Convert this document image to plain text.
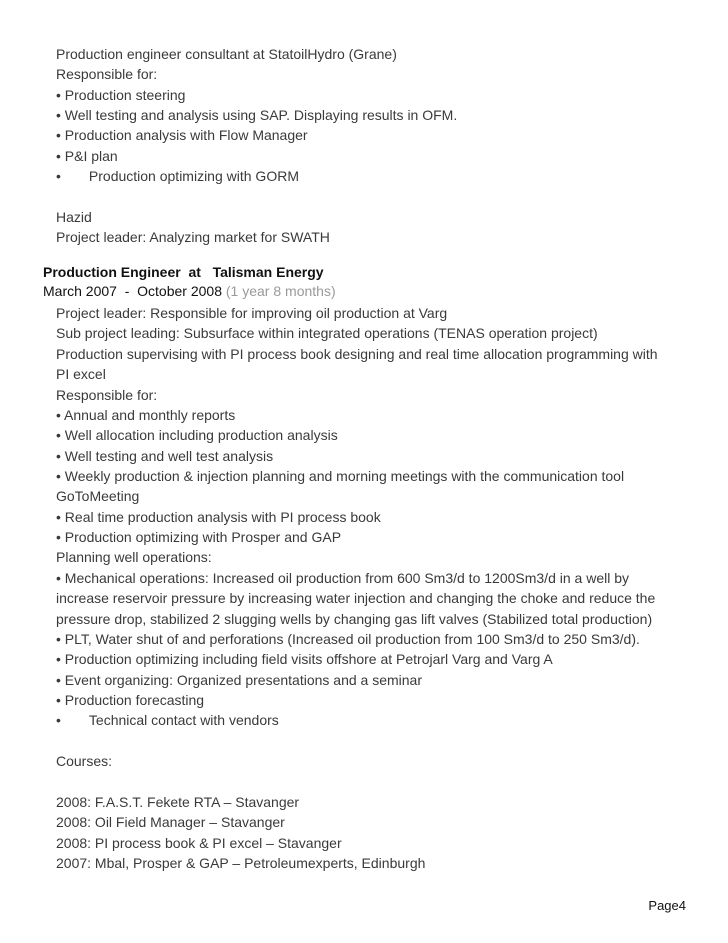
Production engineer consultant at StatoilHydro (Grane)
Responsible for:
• Production steering
• Well testing and analysis using SAP. Displaying results in OFM.
• Production analysis with Flow Manager
• P&I plan
• Production optimizing with GORM
Hazid
Project leader: Analyzing market for SWATH
Production Engineer  at   Talisman Energy
March 2007  -  October 2008 (1 year 8 months)
Project leader: Responsible for improving oil production at Varg
Sub project leading: Subsurface within integrated operations (TENAS operation project)
Production supervising with PI process book designing and real time allocation programming with
PI excel
Responsible for:
• Annual and monthly reports
• Well allocation including production analysis
• Well testing and well test analysis
• Weekly production & injection planning and morning meetings with the communication tool
GoToMeeting
• Real time production analysis with PI process book
• Production optimizing with Prosper and GAP
Planning well operations:
• Mechanical operations: Increased oil production from 600 Sm3/d to 1200Sm3/d in a well by
increase reservoir pressure by increasing water injection and changing the choke and reduce the
pressure drop, stabilized 2 slugging wells by changing gas lift valves (Stabilized total production)
• PLT, Water shut of and perforations (Increased oil production from 100 Sm3/d to 250 Sm3/d).
• Production optimizing including field visits offshore at Petrojarl Varg and Varg A
• Event organizing: Organized presentations and a seminar
• Production forecasting
• Technical contact with vendors
Courses:
2008: F.A.S.T. Fekete RTA – Stavanger
2008: Oil Field Manager – Stavanger
2008: PI process book & PI excel – Stavanger
2007: Mbal, Prosper & GAP – Petroleumexperts, Edinburgh
Page4
